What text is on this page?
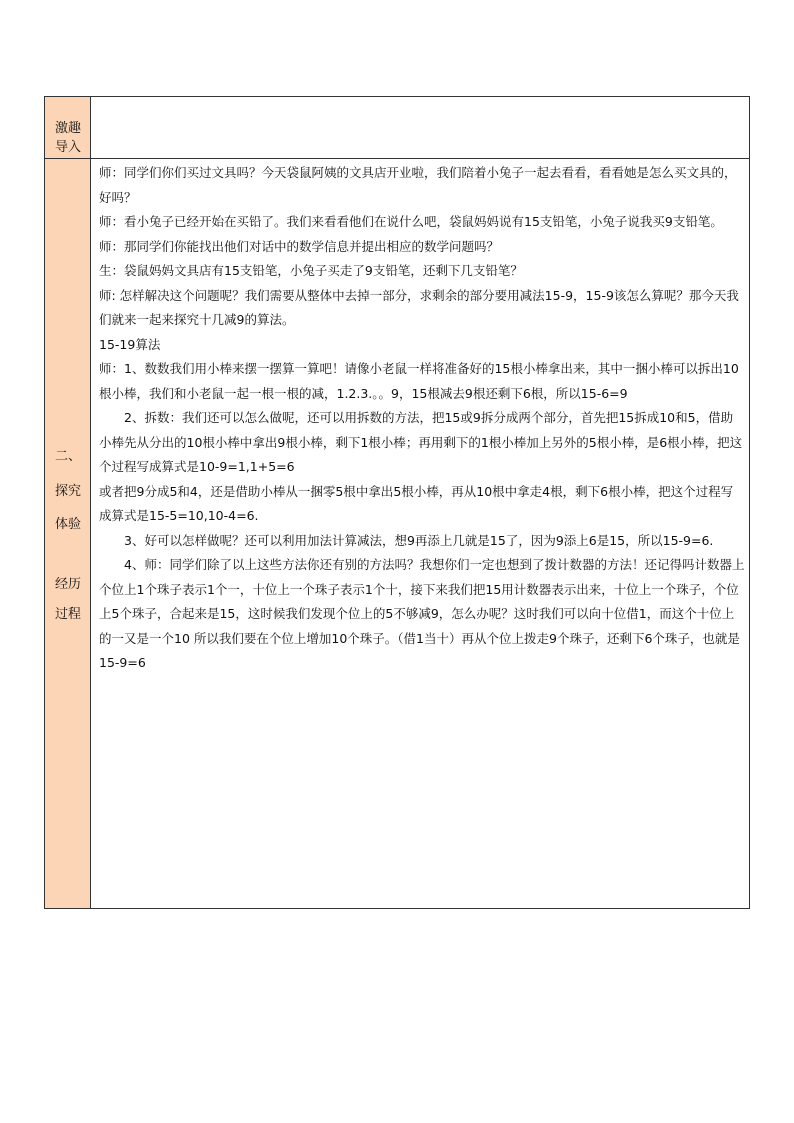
激趣
导入
二、
探究
体验
经历
过程

师：同学们你们买过文具吗？今天袋鼠阿姨的文具店开业啦，我们陪着小兔子一起去看看，看看她是怎么买文具的，好吗？

师：看小兔子已经开始在买铅了。我们来看看他们在说什么吧，袋鼠妈妈说有15支铅笔，小兔子说我买9支铅笔。

师：那同学们你能找出他们对话中的数学信息并提出相应的数学问题吗？

生：袋鼠妈妈文具店有15支铅笔，小兔子买走了9支铅笔，还剩下几支铅笔？

师: 怎样解决这个问题呢？我们需要从整体中去掉一部分，求剩余的部分要用减法15-9，15-9该怎么算呢？那今天我们就来一起来探究十几减9的算法。

15-19算法

师：1、数数我们用小棒来摆一摆算一算吧！请像小老鼠一样将准备好的15根小棒拿出来，其中一捆小棒可以拆出10根小棒，我们和小老鼠一起一根一根的减，1.2.3.。。9，15根减去9根还剩下6根，所以15-6=9

2、拆数：我们还可以怎么做呢，还可以用拆数的方法，把15或9拆分成两个部分，首先把15拆成10和5，借助小棒先从分出的10根小棒中拿出9根小棒，剩下1根小棒；再用剩下的1根小棒加上另外的5根小棒，是6根小棒，把这个过程写成算式是10-9=1,1+5=6

或者把9分成5和4，还是借助小棒从一捆零5根中拿出5根小棒，再从10根中拿走4根，剩下6根小棒，把这个过程写成算式是15-5=10,10-4=6.

3、好可以怎样做呢？还可以利用加法计算减法，想9再添上几就是15了，因为9添上6是15，所以15-9=6.

4、师：同学们除了以上这些方法你还有别的方法吗？我想你们一定也想到了拨计数器的方法！还记得吗计数器上个位上1个珠子表示1个一，十位上一个珠子表示1个十，接下来我们把15用计数器表示出来，十位上一个珠子，个位上5个珠子，合起来是15，这时候我们发现个位上的5不够减9，怎么办呢？这时我们可以向十位借1，而这个十位上的一又是一个10 所以我们要在个位上增加10个珠子。（借1当十）再从个位上拨走9个珠子，还剩下6个珠子，也就是15-9=6
